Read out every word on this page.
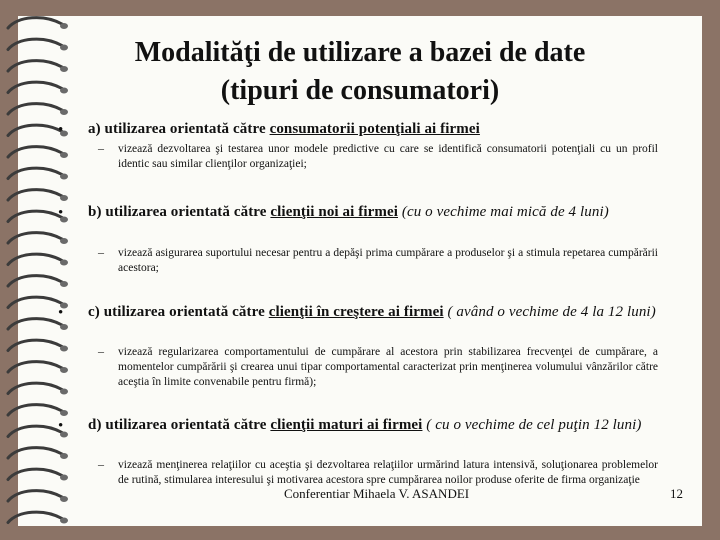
Modalităţi de utilizare a bazei de date (tipuri de consumatori)
• a) utilizarea orientată către consumatorii potenţiali ai firmei
– vizează dezvoltarea şi testarea unor modele predictive cu care se identifică consumatorii potenţiali cu un profil identic sau similar clienţilor organizaţiei;
• b) utilizarea orientată către clienţii noi ai firmei (cu o vechime mai mică de 4 luni)
– vizează asigurarea suportului necesar pentru a depăşi prima cumpărare a produselor şi a stimula repetarea cumpărării acestora;
• c) utilizarea orientată către clienţii în creştere ai firmei ( având o vechime de 4 la 12 luni)
– vizează regularizarea comportamentului de cumpărare al acestora prin stabilizarea frecvenţei de cumpărare, a momentelor cumpărării şi crearea unui tipar comportamental caracterizat prin menţinerea volumului vânzărilor către aceştia în limite convenabile pentru firmă);
• d) utilizarea orientată către clienţii maturi ai firmei ( cu o vechime de cel puţin 12 luni)
– vizează menţinerea relaţiilor cu aceştia şi dezvoltarea relaţiilor urmărind latura intensivă, soluţionarea problemelor de rutină, stimularea interesului şi motivarea acestora spre cumpărarea noilor produse oferite de firma organizaţie
Conferentiar Mihaela V. ASANDEI	12
